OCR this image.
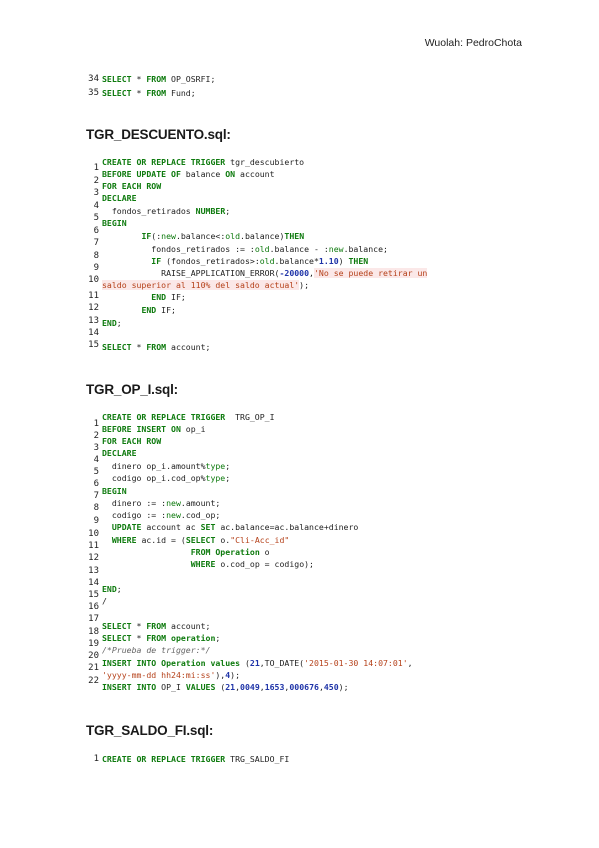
Wuolah: PedroChota
34 SELECT * FROM OP_OSRFI;
35 SELECT * FROM Fund;
TGR_DESCUENTO.sql:
1
CREATE OR REPLACE TRIGGER tgr_descubierto
2
BEFORE UPDATE OF balance ON account
3
FOR EACH ROW
4
DECLARE
5
fondos_retirados NUMBER;
6
BEGIN
7
IF(:new.balance<:old.balance)THEN
8
fondos_retirados := :old.balance - :new.balance;
9
IF (fondos_retirados>:old.balance*1.10) THEN
10
RAISE_APPLICATION_ERROR(-20000,'No se puede retirar un
saldo superior al 110% del saldo actual');
11	END IF;
12	END IF;
13 END;
14
15 SELECT * FROM account;
TGR_OP_I.sql:
1
CREATE OR REPLACE TRIGGER  TRG_OP_I
2
BEFORE INSERT ON op_i
3
FOR EACH ROW
4
DECLARE
5
dinero op_i.amount%type;
6
codigo op_i.cod_op%type;
7 BEGIN
8 dinero := :new.amount;
9
codigo := :new.cod_op;
10
UPDATE account ac SET ac.balance=ac.balance+dinero
11
WHERE ac.id = (SELECT o."Cli-Acc_id"
12
FROM Operation o
13
WHERE o.cod_op = codigo);
14
15
END;
16
/
17
18
SELECT * FROM account;
19
SELECT * FROM operation;
20
/*Prueba de trigger:*/
21 INSERT INTO Operation values (21,TO_DATE('2015-01-30 14:07:01',
'yyyy-mm-dd hh24:mi:ss'),4);
22
INSERT INTO OP_I VALUES (21,0049,1653,000676,450);
TGR_SALDO_FI.sql:
1 CREATE OR REPLACE TRIGGER TRG_SALDO_FI
